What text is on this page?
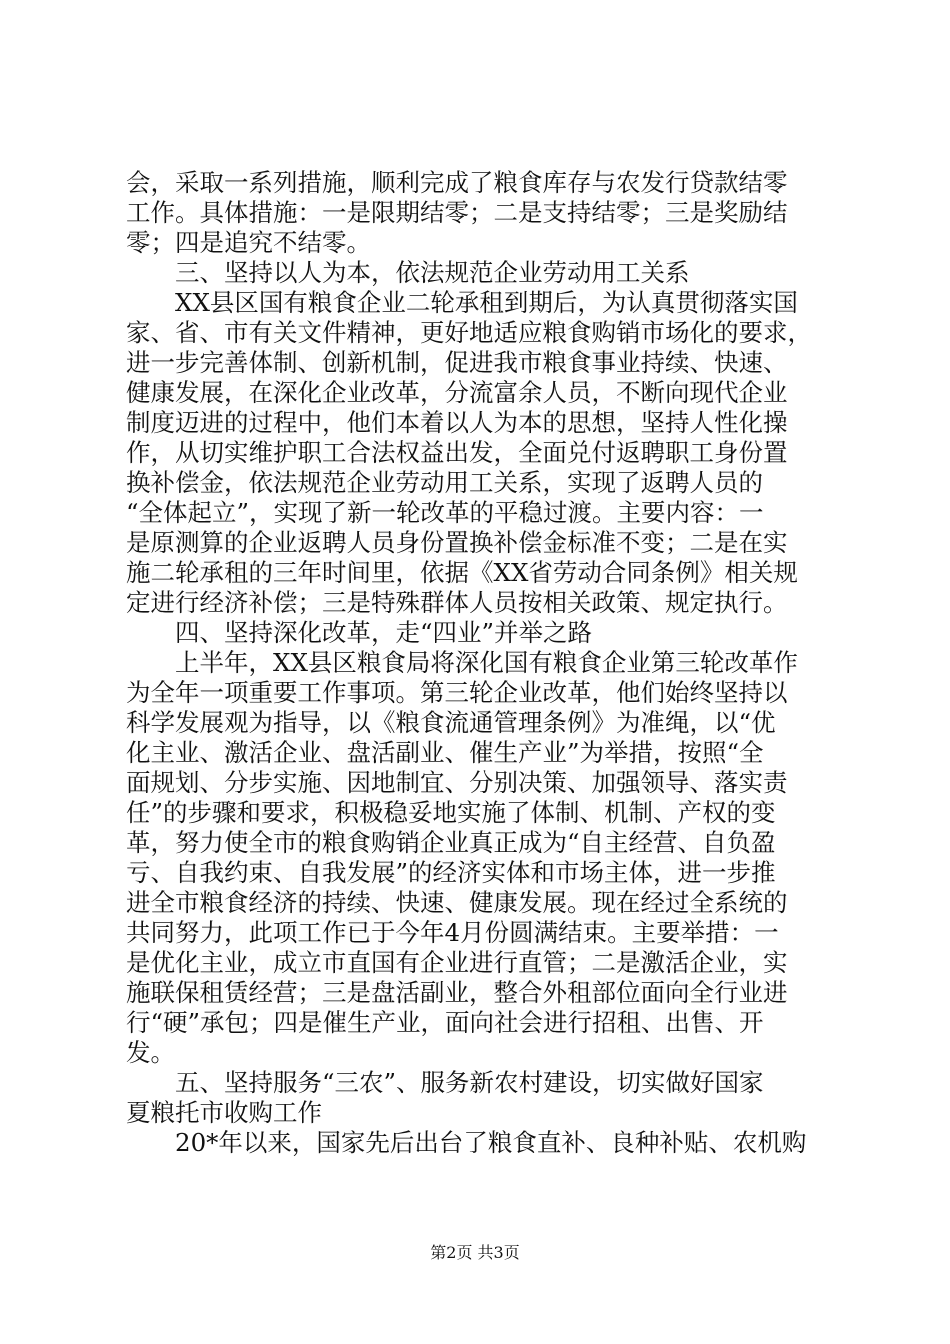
会，采取一系列措施，顺利完成了粮食库存与农发行贷款结零
工作。具体措施：一是限期结零；二是支持结零；三是奖励结
零；四是追究不结零。
　　三、坚持以人为本，依法规范企业劳动用工关系
　　XX县区国有粮食企业二轮承租到期后，为认真贯彻落实国
家、省、市有关文件精神，更好地适应粮食购销市场化的要求，
进一步完善体制、创新机制，促进我市粮食事业持续、快速、
健康发展，在深化企业改革，分流富余人员，不断向现代企业
制度迈进的过程中，他们本着以人为本的思想，坚持人性化操
作，从切实维护职工合法权益出发，全面兑付返聘职工身份置
换补偿金，依法规范企业劳动用工关系，实现了返聘人员的
“全体起立”，实现了新一轮改革的平稳过渡。主要内容：一
是原测算的企业返聘人员身份置换补偿金标准不变；二是在实
施二轮承租的三年时间里，依据《XX省劳动合同条例》相关规
定进行经济补偿；三是特殊群体人员按相关政策、规定执行。
　　四、坚持深化改革，走“四业”并举之路
　　上半年，XX县区粮食局将深化国有粮食企业第三轮改革作
为全年一项重要工作事项。第三轮企业改革，他们始终坚持以
科学发展观为指导，以《粮食流通管理条例》为准绳，以“优
化主业、激活企业、盘活副业、催生产业”为举措，按照“全
面规划、分步实施、因地制宜、分别决策、加强领导、落实责
任”的步骤和要求，积极稳妥地实施了体制、机制、产权的变
革，努力使全市的粮食购销企业真正成为“自主经营、自负盈
亏、自我约束、自我发展”的经济实体和市场主体，进一步推
进全市粮食经济的持续、快速、健康发展。现在经过全系统的
共同努力，此项工作已于今年4月份圆满结束。主要举措：一
是优化主业，成立市直国有企业进行直管；二是激活企业，实
施联保租赁经营；三是盘活副业，整合外租部位面向全行业进
行“硬”承包；四是催生产业，面向社会进行招租、出售、开
发。
　　五、坚持服务“三农”、服务新农村建设，切实做好国家
夏粮托市收购工作
　　20*年以来，国家先后出台了粮食直补、良种补贴、农机购
第2页 共3页
